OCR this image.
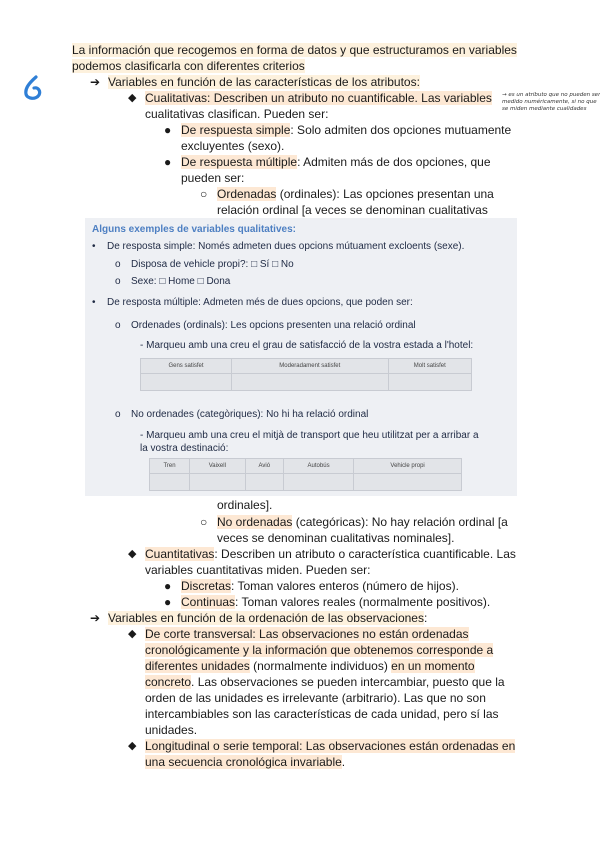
La información que recogemos en forma de datos y que estructuramos en variables
podemos clasificarla con diferentes criterios
➔ Variables en función de las características de los atributos:
◆ Cualitativas: Describen un atributo no cuantificable. Las variables
cualitativas clasifican. Pueden ser:
→ es un atributo que no pueden ser medido numéricamente, si no que se miden mediante cualidades
● De respuesta simple: Solo admiten dos opciones mutuamente
excluyentes (sexo).
● De respuesta múltiple: Admiten más de dos opciones, que
pueden ser:
○ Ordenadas (ordinales): Las opciones presentan una
relación ordinal [a veces se denominan cualitativas
Alguns exemples de variables qualitatives:
• De resposta simple: Només admeten dues opcions mútuament excloents (sexe).
o Disposa de vehicle propi?: □ Sí □ No
o Sexe: □ Home □ Dona
• De resposta múltiple: Admeten més de dues opcions, que poden ser:
o Ordenades (ordinals): Les opcions presenten una relació ordinal
- Marqueu amb una creu el grau de satisfacció de la vostra estada a l'hotel:
Gens satisfet	Moderadament satisfet	Molt satisfet

o No ordenades (categòriques): No hi ha relació ordinal
- Marqueu amb una creu el mitjà de transport que heu utilitzat per a arribar a
la vostra destinació:
Tren	Vaixell	Avió	Autobús	Vehicle propi

ordinales].
○ No ordenadas (categóricas): No hay relación ordinal [a
veces se denominan cualitativas nominales].
◆ Cuantitativas: Describen un atributo o característica cuantificable. Las
variables cuantitativas miden. Pueden ser:
● Discretas: Toman valores enteros (número de hijos).
● Continuas: Toman valores reales (normalmente positivos).
➔ Variables en función de la ordenación de las observaciones:
◆ De corte transversal: Las observaciones no están ordenadas
cronológicamente y la información que obtenemos corresponde a
diferentes unidades (normalmente individuos) en un momento
concreto. Las observaciones se pueden intercambiar, puesto que la
orden de las unidades es irrelevante (arbitrario). Las que no son
intercambiables son las características de cada unidad, pero sí las
unidades.
◆ Longitudinal o serie temporal: Las observaciones están ordenadas en
una secuencia cronológica invariable.
